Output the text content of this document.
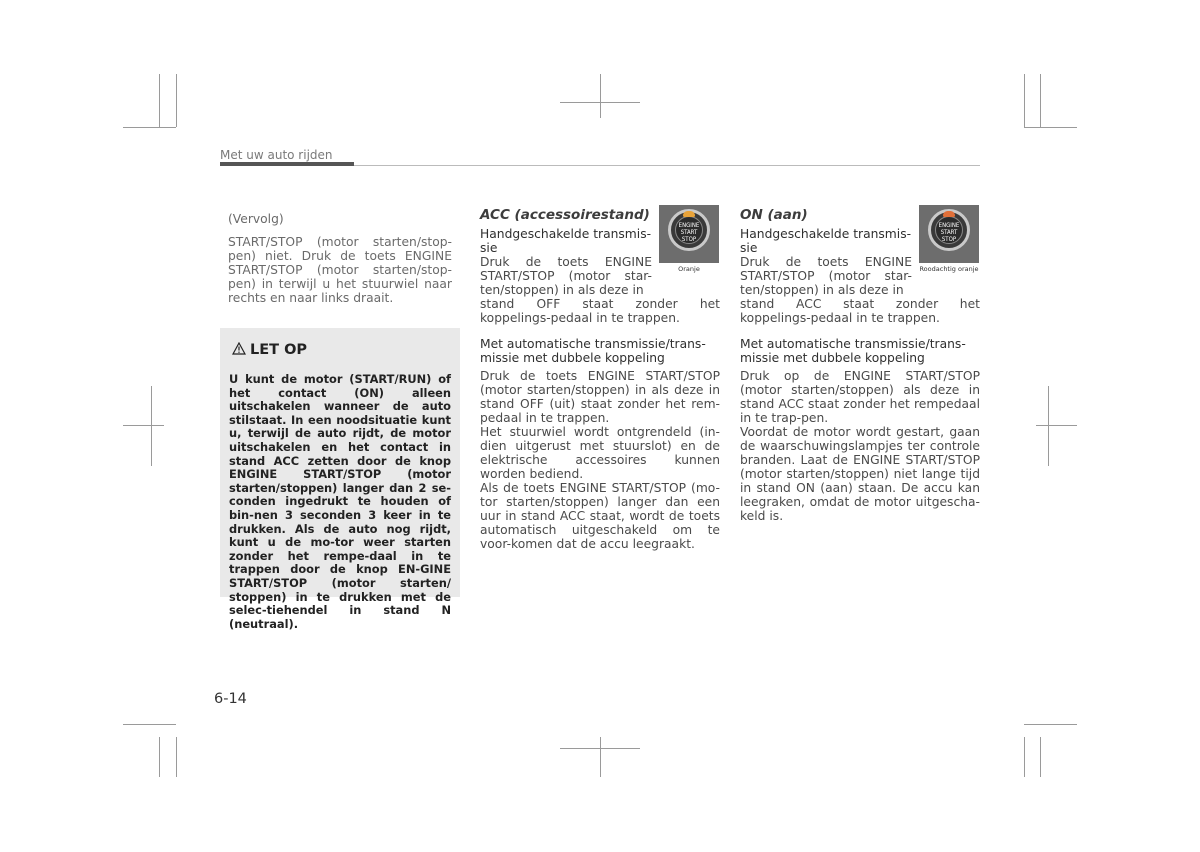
Met uw auto rijden

(Vervolg)

START/STOP (motor starten/stop-pen) niet. Druk de toets ENGINE START/STOP (motor starten/stop-pen) in terwijl u het stuurwiel naar rechts en naar links draait.

LET OP
U kunt de motor (START/RUN) of het contact (ON) alleen uitschakelen wanneer de auto stilstaat. In een noodsituatie kunt u, terwijl de auto rijdt, de motor uitschakelen en het contact in stand ACC zetten door de knop ENGINE START/STOP (motor starten/stoppen) langer dan 2 se-conden ingedrukt te houden of bin-nen 3 seconden 3 keer in te drukken. Als de auto nog rijdt, kunt u de mo-tor weer starten zonder het rempe-daal in te trappen door de knop EN-GINE START/STOP (motor starten/ stoppen) in te drukken met de selec-tiehendel in stand N (neutraal).
ACC (accessoirestand)

Handgeschakelde transmis-sie

Druk de toets ENGINE START/STOP (motor star-ten/stoppen) in als deze in

stand OFF staat zonder het koppelings-pedaal in te trappen.

Met automatische transmissie/trans-missie met dubbele koppeling

Druk de toets ENGINE START/STOP (motor starten/stoppen) in als deze in stand OFF (uit) staat zonder het rem-pedaal in te trappen.

Het stuurwiel wordt ontgrendeld (in-dien uitgerust met stuurslot) en de elektrische accessoires kunnen worden bediend.

Als de toets ENGINE START/STOP (mo-tor starten/stoppen) langer dan een uur in stand ACC staat, wordt de toets automatisch uitgeschakeld om te voor-komen dat de accu leegraakt.

ENGINE
START
STOP
Oranje
ON (aan)

Handgeschakelde transmis-sie

Druk de toets ENGINE START/STOP (motor star-ten/stoppen) in als deze in

stand ACC staat zonder het koppelings-pedaal in te trappen.

Met automatische transmissie/trans-missie met dubbele koppeling

Druk op de ENGINE START/STOP (motor starten/stoppen) als deze in stand ACC staat zonder het rempedaal in te trap-pen.

Voordat de motor wordt gestart, gaan de waarschuwingslampjes ter controle branden. Laat de ENGINE START/STOP (motor starten/stoppen) niet lange tijd in stand ON (aan) staan. De accu kan leegraken, omdat de motor uitgescha-keld is.

ENGINE
START
STOP
Roodachtig oranje
6-14
